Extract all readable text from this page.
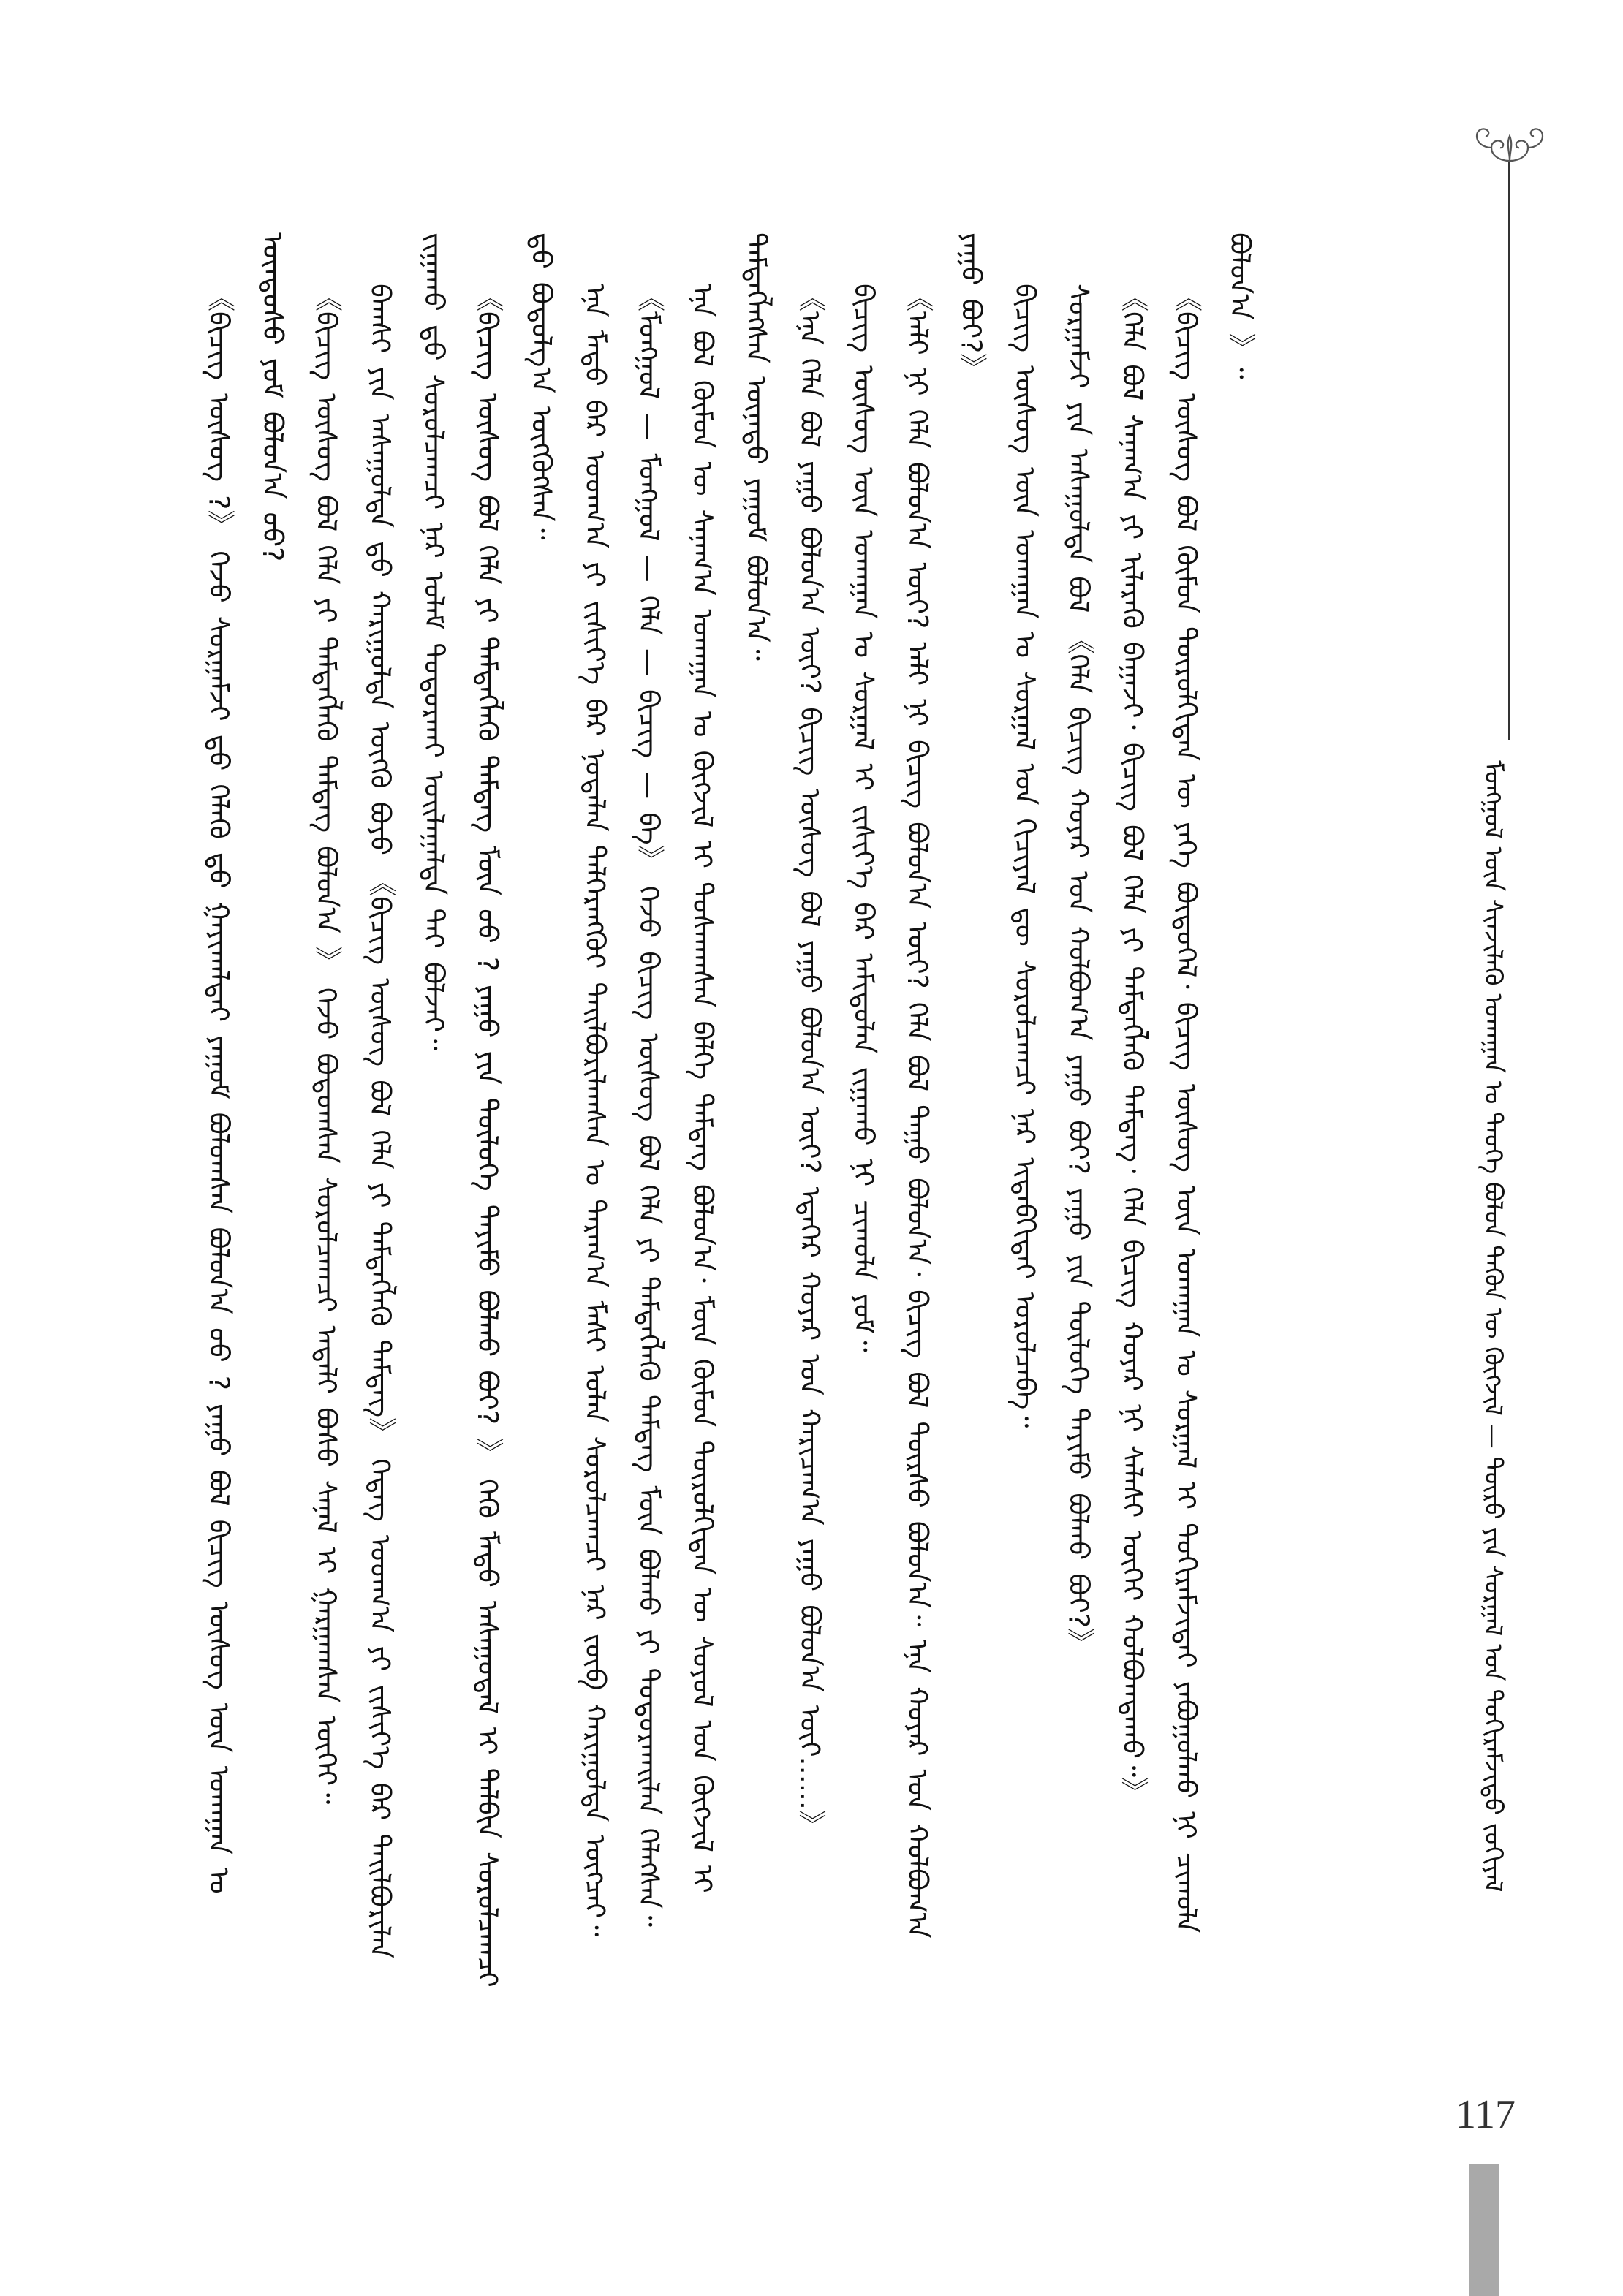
ᠮᠣᠩᠭᠣᠯ ᠦᠨ ᠰᠢᠨᠵᠢᠯᠡᠬᠦ ᠤᠬᠠᠭᠠᠨ ᠤ ᠲᠡᠦᠬᠡ ᠪᠣᠯᠣᠨ ᠲᠡᠭᠦᠨ ᠦ ᠬᠥᠭᠵᠢᠯ — ᠲᠥᠷᠦ ᠶᠢᠨ ᠰᠤᠷᠭᠠᠯ ᠤᠨ ᠲᠣᠬᠢᠷᠠᠮᠵᠢᠲᠤ ᠵᠣᠬᠢᠶᠠᠯ

《ᠪᠢᠴᠢᠭ ᠦᠰᠦᠭ ?》 ᠭᠡᠵᠦ ᠰᠤᠷᠭᠠᠮᠵᠢ ᠳ᠋ᠤ ᠬᠡᠯᠡᠬᠦ ᠳ᠋ᠤ ᠭᠠᠶᠢᠬᠠᠯᠲᠠᠢ ᠶᠠᠭᠤᠮ ᠪᠣᠯᠤᠭᠰᠠᠨ ᠪᠣᠯᠤᠨ᠎ᠠ ᠤᠤ ? ᠶᠠᠭᠤ ᠪᠣᠯ ᠪᠢᠴᠢᠭ ᠦᠰᠦᠭ ᠦᠨ ᠤᠬᠠᠭᠠᠨ ᠤ ᠦᠨᠳᠦᠰᠦ ᠶᠤᠮ ᠪᠣᠯᠤᠨ᠎ᠠ ᠤᠤ? 《ᠪᠢᠴᠢᠭ ᠦᠰᠦᠭ ᠪᠣᠯ ᠬᠡᠯᠡ ᠶᠢ ᠲᠡᠮᠳᠡᠭᠯᠡᠬᠦ ᠲᠡᠮᠳᠡᠭ ᠪᠣᠯᠤᠨ᠎ᠠ 》 ᠭᠡᠵᠦ ᠪᠣᠳᠤᠭᠰᠠᠨ ᠰᠤᠷᠤᠯᠴᠠᠭᠴᠢ ᠠᠳᠠᠯᠢ ᠪᠤᠰᠤ ᠰᠠᠨᠠᠯ ᠢ ᠭᠠᠷᠭᠠᠭᠰᠠᠨ ᠦᠭᠡᠢ᠃ ᠪᠠᠭᠰᠢ ᠶᠢᠨ ᠠᠰᠠᠭᠤᠯᠲᠠ ᠳ᠋ᠤ ᠬᠠᠷᠢᠭᠤᠯᠲᠠ ᠥᠭᠬᠦ ᠪᠤᠶᠤ 《ᠪᠢᠴᠢᠭ ᠦᠰᠦᠭ ᠪᠣᠯ ᠬᠡᠯᠡ ᠶᠢ ᠲᠡᠮᠳᠡᠭᠯᠡᠬᠦ ᠲᠡᠮᠳᠡᠭ》 ᠭᠡᠳᠡᠭ ᠤᠳᠬ᠎ᠠ ᠶᠢ ᠵᠢᠱᠢᠶ᠎ᠡ ᠪᠡᠷ ᠲᠠᠢᠯᠪᠤᠷᠢᠯᠠᠨ ᠵᠢᠭᠠᠬᠤ ᠳ᠋ᠤ ᠰᠤᠷᠤᠯᠴᠠᠭᠴᠢ ᠨᠠᠷ ᠤᠯᠠᠮ ᠲᠣᠳᠣᠷᠬᠠᠢ ᠣᠢᠯᠠᠭᠠᠯᠲᠠ ᠲᠠᠢ ᠪᠣᠯᠵᠠᠢ᠃ 《ᠪᠢᠴᠢᠭ ᠦᠰᠦᠭ ᠪᠣᠯ ᠬᠡᠯᠡ ᠶᠢ ᠲᠡᠮᠳᠡᠭᠯᠡᠬᠦ ᠲᠡᠮᠳᠡᠭ ᠮᠥᠨ ᠦᠦ ? ᠶᠠᠭᠤ ᠶᠢᠨ ᠲᠥᠯᠦᠭᠡ ᠲᠡᠶᠢᠮᠦ ᠪᠣᠯᠬᠤ ᠪᠤᠢ? 》 ᠭᠡᠬᠦ ᠮᠡᠲᠦ ᠠᠰᠠᠭᠤᠳᠠᠯ ᠢ ᠲᠠᠯᠪᠢᠨ ᠰᠤᠷᠤᠯᠴᠠᠭᠴᠢ ᠳ᠋ᠤ ᠪᠣᠳᠤᠯᠭ᠎ᠠ ᠥᠭᠭᠦᠭᠰᠡᠨ᠃ ᠡᠨᠡ ᠮᠡᠲᠦ ᠪᠡᠷ ᠤᠳᠬ᠎ᠠ ᠶᠢ ᠵᠢᠱᠢᠶ᠎ᠡ ᠪᠡᠷ ᠨᠣᠲᠠᠯᠠᠨ ᠳᠡᠯᠭᠡᠷᠡᠩᠭᠦᠢ ᠲᠠᠢᠯᠪᠤᠷᠢᠯᠠᠭᠰᠠᠨ ᠤ ᠳᠠᠷᠠᠭ᠎ᠠ ᠮᠠᠰᠢ ᠣᠯᠠᠨ ᠰᠤᠷᠤᠯᠴᠠᠭᠴᠢ ᠨᠠᠷ ᠵᠥᠪ ᠬᠠᠷᠢᠭᠤᠯᠲᠠ ᠥᠭᠴᠡᠢ᠃ 《ᠮᠣᠩᠭᠣᠯ — ᠮᠣᠩᠭᠣᠯ — ᠬᠡᠯᠡ — ᠪᠢᠴᠢᠭ — ᠪᠠ》 ᠭᠡᠵᠦ ᠪᠢᠴᠢᠭ ᠦᠰᠦᠭ ᠪᠣᠯ ᠬᠡᠯᠡ ᠶᠢ ᠲᠡᠮᠳᠡᠭᠯᠡᠬᠦ ᠲᠡᠮᠳᠡᠭ ᠮᠥᠨ ᠪᠣᠯᠬᠤ ᠶᠢ ᠲᠣᠳᠣᠷᠬᠠᠢᠯᠠᠨ ᠬᠡᠯᠡᠭᠰᠡᠨ᠃ ᠡᠨᠡ ᠪᠣᠯ ᠬᠦᠮᠦᠨ ᠦ ᠰᠠᠨᠠᠭ᠎ᠠ ᠤᠬᠠᠭᠠᠨ ᠤ ᠬᠥᠭᠵᠢᠯ ᠢ ᠲᠤᠰᠬᠠᠭᠰᠠᠨ ᠪᠡᠯᠭᠡ ᠲᠡᠮᠳᠡᠭ ᠪᠣᠯᠤᠨ᠎ᠠ᠂ ᠮᠥᠨ ᠬᠦᠮᠦᠨ ᠲᠥᠷᠦᠯᠬᠢᠲᠡᠨ ᠦ ᠰᠣᠶᠣᠯ ᠤᠨ ᠬᠥᠭᠵᠢᠯ ᠢ ᠲᠡᠮᠳᠡᠭᠯᠡᠭᠰᠡᠨ ᠦᠨᠡᠲᠦ ᠶᠠᠭᠤᠮ ᠪᠣᠯᠤᠨ᠎ᠠ᠃ 《ᠡᠨᠡ ᠬᠡᠯᠡ ᠪᠣᠯ ᠶᠠᠭᠤ ᠪᠣᠯᠤᠨ᠎ᠠ ᠦᠢ? ᠪᠢᠴᠢᠭ ᠦᠰᠦᠭ ᠪᠣᠯ ᠶᠠᠭᠤ ᠪᠣᠯᠤᠨ᠎ᠠ ᠦᠢ? ᠡᠳᠡᠭᠡᠷ ᠬᠣᠶᠠᠷ ᠤᠨ ᠬᠠᠷᠢᠴᠠᠭ᠎ᠠ ᠶᠠᠭᠤ ᠪᠣᠯᠤᠨ᠎ᠠ ᠦᠢ......》 ᠪᠢᠴᠢᠭ ᠦᠰᠦᠭ ᠦᠨ ᠤᠬᠠᠭᠠᠨ ᠤ ᠰᠤᠷᠭᠠᠯ ᠢ ᠵᠢᠱᠢᠶ᠎ᠡ ᠪᠡᠷ ᠠᠮᠢᠳᠤᠯᠠᠨ ᠵᠢᠭᠠᠬᠤ ᠨᠢ ᠴᠢᠬᠤᠯᠠ ᠶᠤᠮ᠃ 《ᠠᠯᠢ ᠨᠢ ᠬᠡᠯᠡ ᠪᠣᠯᠤᠨ᠎ᠠ ᠦᠢ? ᠠᠯᠢ ᠨᠢ ᠪᠢᠴᠢᠭ ᠪᠣᠯᠤᠨ᠎ᠠ ᠦᠢ? ᠬᠡᠯᠡ ᠪᠣᠯ ᠳᠠᠭᠤ ᠪᠣᠯᠤᠨ᠎ᠠ᠂ ᠪᠢᠴᠢᠭ ᠪᠣᠯ ᠳᠦᠷᠰᠦ ᠪᠣᠯᠤᠨ᠎ᠠ᠃ ᠡᠨᠡ ᠬᠣᠶᠠᠷ ᠤᠨ ᠬᠣᠯᠪᠣᠭ᠎ᠠ ᠶᠠᠭᠤ ᠪᠣᠢ?》 ᠪᠢᠴᠢᠭ ᠦᠰᠦᠭ ᠦᠨ ᠤᠬᠠᠭᠠᠨ ᠤ ᠰᠤᠷᠭᠠᠯ ᠤᠨ ᠬᠢᠴᠢᠶᠡᠯ ᠳᠦ ᠰᠤᠷᠤᠯᠴᠠᠭᠴᠢ ᠨᠠᠷ ᠢᠳᠡᠪᠬᠢᠲᠡᠢ ᠣᠷᠣᠯᠴᠠᠪᠠ᠃ ᠰᠤᠷᠭᠠᠮᠵᠢ ᠶᠢᠨ ᠠᠰᠠᠭᠤᠯᠲᠠ ᠪᠣᠯ 《ᠬᠡᠯᠡ ᠪᠢᠴᠢᠭ ᠬᠣᠶᠠᠷ ᠤᠨ ᠬᠣᠯᠪᠣᠭ᠎ᠠ ᠶᠠᠭᠤ ᠪᠣᠢ? ᠶᠠᠭᠤ ᠶᠢᠨ ᠲᠥᠯᠦᠭᠡ ᠲᠡᠶᠢᠮᠦ ᠪᠣᠯᠬᠤ ᠪᠤᠢ?》 《ᠬᠡᠯᠡ ᠪᠣᠯ ᠰᠠᠨᠠᠭ᠎ᠠ ᠶᠢ ᠢᠯᠡᠷᠡᠬᠦ ᠪᠠᠭᠠᠵᠢ᠂ ᠪᠢᠴᠢᠭ ᠪᠣᠯ ᠬᠡᠯᠡ ᠶᠢ ᠲᠡᠮᠳᠡᠭᠯᠡᠬᠦ ᠲᠡᠮᠳᠡᠭ᠂ ᠬᠡᠯᠡ ᠪᠢᠴᠢᠭ ᠬᠣᠶᠠᠷ ᠨᠢ ᠰᠠᠯᠠᠰᠢ ᠦᠭᠡᠢ ᠬᠣᠯᠪᠣᠭᠳᠠᠬᠤ᠃》 《ᠪᠢᠴᠢᠭ ᠦᠰᠦᠭ ᠪᠣᠯ ᠬᠦᠮᠦᠨ ᠲᠥᠷᠦᠯᠬᠢᠲᠡᠨ ᠦ ᠶᠡᠬᠡ ᠪᠦᠲᠦᠭᠡᠯ᠂ ᠪᠢᠴᠢᠭ ᠦᠰᠦᠭ ᠦᠨ ᠤᠬᠠᠭᠠᠨ ᠤ ᠰᠤᠷᠭᠠᠯ ᠢ ᠲᠣᠬᠢᠷᠠᠮᠵᠢᠲᠠᠢ ᠶᠠᠪᠤᠭᠤᠯᠬᠤ ᠨᠢ ᠴᠢᠬᠤᠯᠠ ᠪᠣᠯᠤᠨ᠎ᠠ 》᠃

117
